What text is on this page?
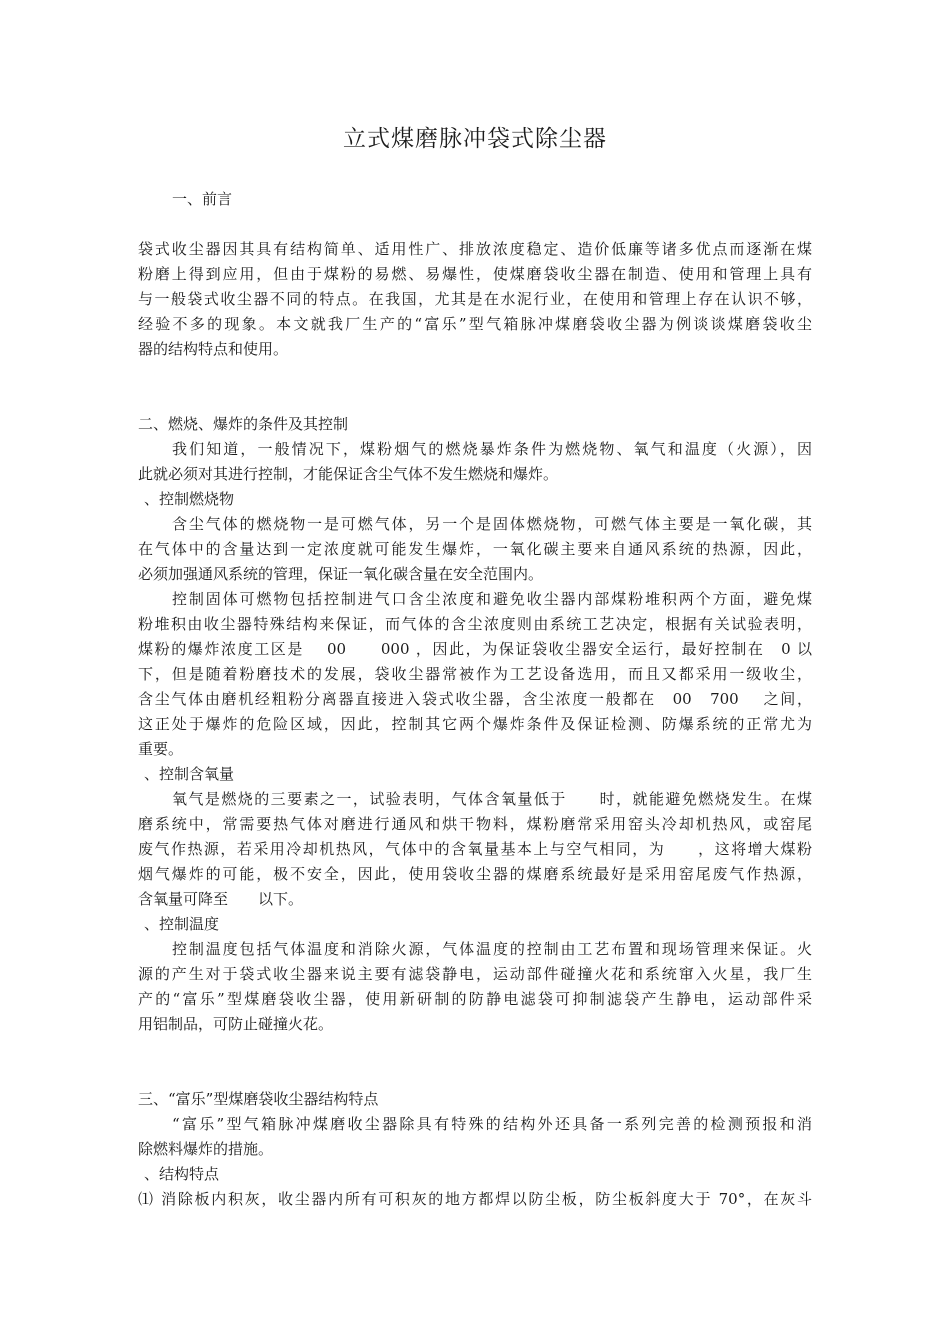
立式煤磨脉冲袋式除尘器
一、前言
袋式收尘器因其具有结构简单、适用性广、排放浓度稳定、造价低廉等诸多优点而逐渐在煤
粉磨上得到应用，但由于煤粉的易燃、易爆性，使煤磨袋收尘器在制造、使用和管理上具有
与一般袋式收尘器不同的特点。在我国，尤其是在水泥行业，在使用和管理上存在认识不够，
经验不多的现象。本文就我厂生产的“富乐”型气箱脉冲煤磨袋收尘器为例谈谈煤磨袋收尘
器的结构特点和使用。
二、燃烧、爆炸的条件及其控制
我们知道，一般情况下，煤粉烟气的燃烧暴炸条件为燃烧物、氧气和温度（火源），因
此就必须对其进行控制，才能保证含尘气体不发生燃烧和爆炸。
、控制燃烧物
含尘气体的燃烧物一是可燃气体，另一个是固体燃烧物，可燃气体主要是一氧化碳，其
在气体中的含量达到一定浓度就可能发生爆炸，一氧化碳主要来自通风系统的热源，因此，
必须加强通风系统的管理，保证一氧化碳含量在安全范围内。
控制固体可燃物包括控制进气口含尘浓度和避免收尘器内部煤粉堆积两个方面，避免煤
粉堆积由收尘器特殊结构来保证，而气体的含尘浓度则由系统工艺决定，根据有关试验表明，
煤粉的爆炸浓度工区是　 00　　000 ，因此，为保证袋收尘器安全运行，最好控制在　0 以
下，但是随着粉磨技术的发展，袋收尘器常被作为工艺设备选用，而且又都采用一级收尘，
含尘气体由磨机经粗粉分离器直接进入袋式收尘器，含尘浓度一般都在　00　700　 之间，
这正处于爆炸的危险区域，因此，控制其它两个爆炸条件及保证检测、防爆系统的正常尤为
重要。
、控制含氧量
氧气是燃烧的三要素之一，试验表明，气体含氧量低于　　时，就能避免燃烧发生。在煤
磨系统中，常需要热气体对磨进行通风和烘干物料，煤粉磨常采用窑头冷却机热风，或窑尾
废气作热源，若采用冷却机热风，气体中的含氧量基本上与空气相同，为　　，这将增大煤粉
烟气爆炸的可能，极不安全，因此，使用袋收尘器的煤磨系统最好是采用窑尾废气作热源，
含氧量可降至　　以下。
、控制温度
控制温度包括气体温度和消除火源，气体温度的控制由工艺布置和现场管理来保证。火
源的产生对于袋式收尘器来说主要有滤袋静电，运动部件碰撞火花和系统窜入火星，我厂生
产的“富乐”型煤磨袋收尘器，使用新研制的防静电滤袋可抑制滤袋产生静电，运动部件采
用铝制品，可防止碰撞火花。
三、“富乐”型煤磨袋收尘器结构特点
“富乐”型气箱脉冲煤磨收尘器除具有特殊的结构外还具备一系列完善的检测预报和消
除燃料爆炸的措施。
、结构特点
⑴ 消除板内积灰，收尘器内所有可积灰的地方都焊以防尘板，防尘板斜度大于 70°，在灰斗
